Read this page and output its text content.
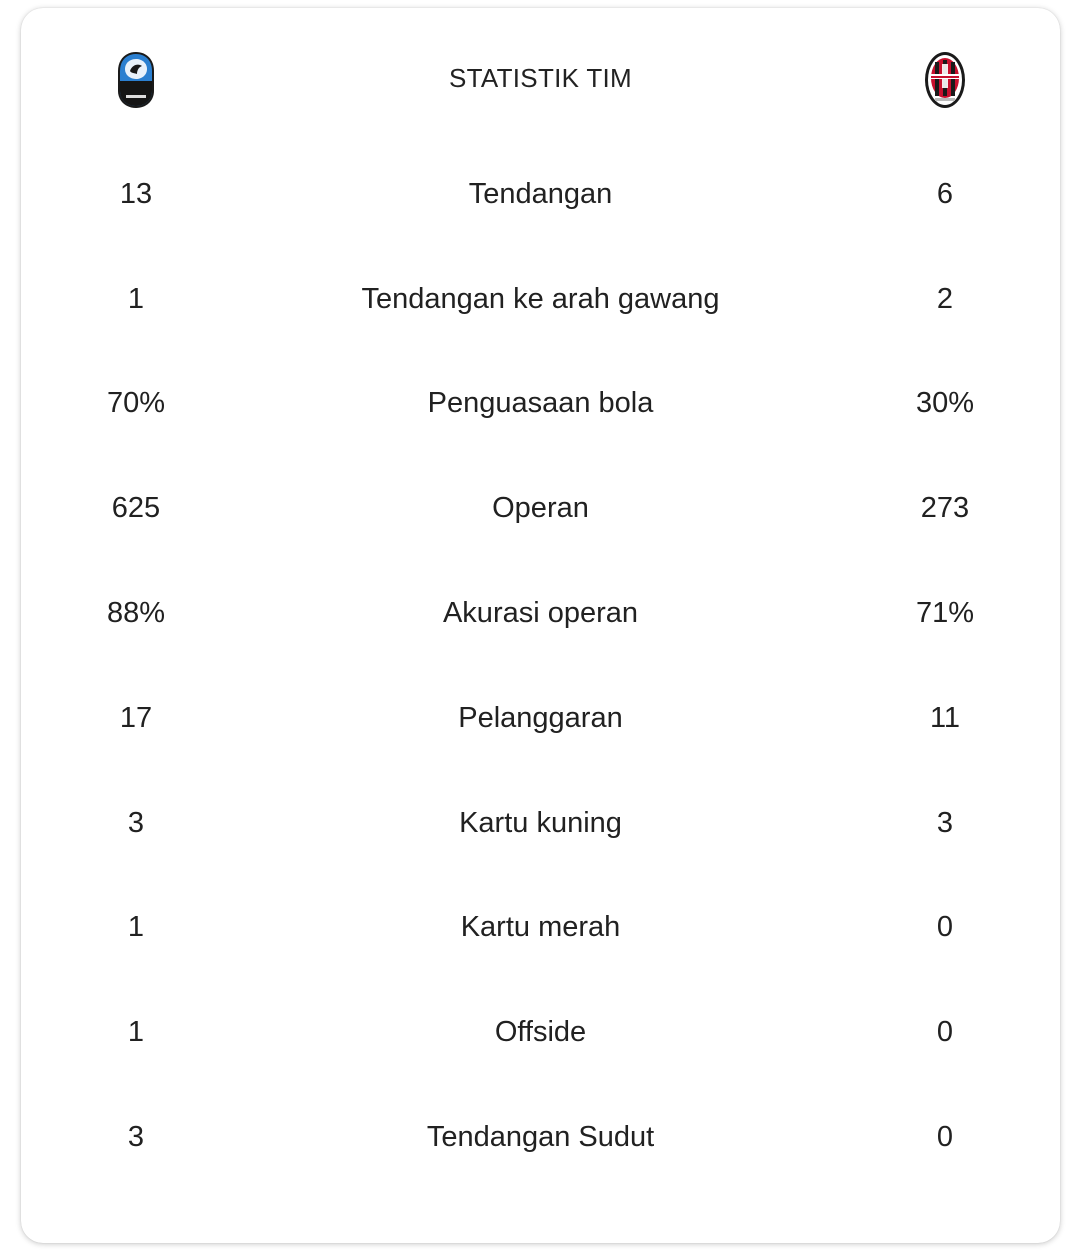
STATISTIK TIM
13	Tendangan	6
1	Tendangan ke arah gawang	2
70%	Penguasaan bola	30%
625	Operan	273
88%	Akurasi operan	71%
17	Pelanggaran	11
3	Kartu kuning	3
1	Kartu merah	0
1	Offside	0
3	Tendangan Sudut	0
